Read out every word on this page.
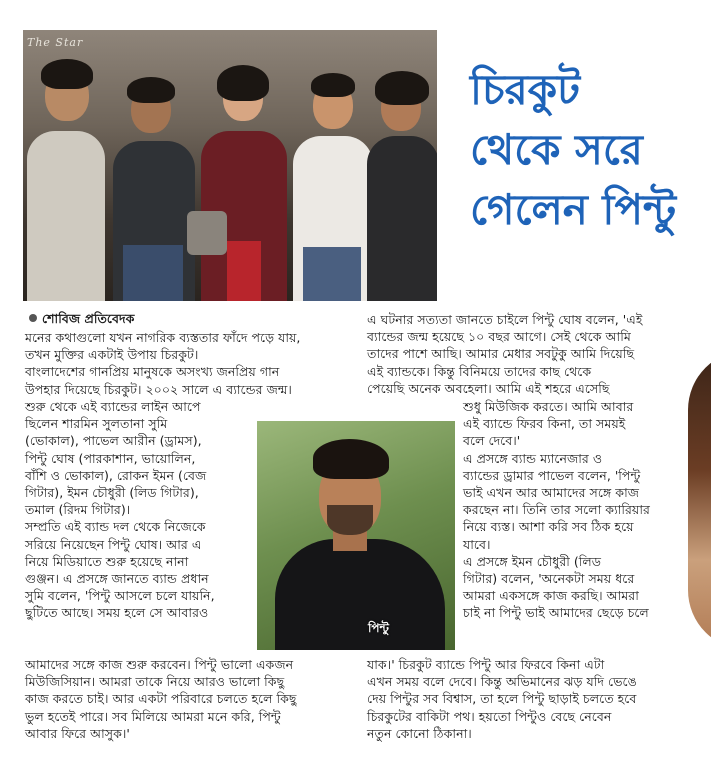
The Star
চিরকুট
থেকে সরে
গেলেন পিন্টু
শোবিজ প্রতিবেদক

মনের কথাগুলো যখন নাগরিক ব্যস্ততার ফাঁদে পড়ে যায়,

তখন মুক্তির একটাই উপায় চিরকুট।

বাংলাদেশের গানপ্রিয় মানুষকে অসংখ্য জনপ্রিয় গান

উপহার দিয়েছে চিরকুট। ২০০২ সালে এ ব্যান্ডের জন্ম।

শুরু থেকে এই ব্যান্ডের লাইন আপে

ছিলেন শারমিন সুলতানা সুমি

(ভোকাল), পাভেল আরীন (ড্রামস),

পিন্টু ঘোষ (পারকাশান, ভায়োলিন,

বাঁশি ও ভোকাল), রোকন ইমন (বেজ

গিটার), ইমন চৌধুরী (লিড গিটার),

তমাল (রিদম গিটার)।

সম্প্রতি এই ব্যান্ড দল থেকে নিজেকে

সরিয়ে নিয়েছেন পিন্টু ঘোষ। আর এ

নিয়ে মিডিয়াতে শুরু হয়েছে নানা

গুঞ্জন। এ প্রসঙ্গে জানতে ব্যান্ড প্রধান

সুমি বলেন, 'পিন্টু আসলে চলে যায়নি,

ছুটিতে আছে। সময় হলে সে আবারও

আমাদের সঙ্গে কাজ শুরু করবেন। পিন্টু ভালো একজন

মিউজিসিয়ান। আমরা তাকে নিয়ে আরও ভালো কিছু

কাজ করতে চাই। আর একটা পরিবারে চলতে হলে কিছু

ভুল হতেই পারে। সব মিলিয়ে আমরা মনে করি, পিন্টু

আবার ফিরে আসুক।'

এ ঘটনার সত্যতা জানতে চাইলে পিন্টু ঘোষ বলেন, 'এই

ব্যান্ডের জন্ম হয়েছে ১০ বছর আগে। সেই থেকে আমি

তাদের পাশে আছি। আমার মেধার সবটুকু আমি দিয়েছি

এই ব্যান্ডকে। কিন্তু বিনিময়ে তাদের কাছ থেকে

পেয়েছি অনেক অবহেলা। আমি এই শহরে এসেছি

শুধু মিউজিক করতে। আমি আবার

এই ব্যান্ডে ফিরব কিনা, তা সময়ই

বলে দেবে।'

এ প্রসঙ্গে ব্যান্ড ম্যানেজার ও

ব্যান্ডের ড্রামার পাভেল বলেন, 'পিন্টু

ভাই এখন আর আমাদের সঙ্গে কাজ

করছেন না। তিনি তার সলো ক্যারিয়ার

নিয়ে ব্যস্ত। আশা করি সব ঠিক হয়ে

যাবে।

এ প্রসঙ্গে ইমন চৌধুরী (লিড

গিটার) বলেন, 'অনেকটা সময় ধরে

আমরা একসঙ্গে কাজ করছি। আমরা

চাই না পিন্টু ভাই আমাদের ছেড়ে চলে

যাক।' চিরকুট ব্যান্ডে পিন্টু আর ফিরবে কিনা এটা

এখন সময় বলে দেবে। কিন্তু অভিমানের ঝড় যদি ভেঙে

দেয় পিন্টুর সব বিশ্বাস, তা হলে পিন্টু ছাড়াই চলতে হবে

চিরকুটের বাকিটা পথ। হয়তো পিন্টুও বেছে নেবেন

নতুন কোনো ঠিকানা।

পিন্টু
